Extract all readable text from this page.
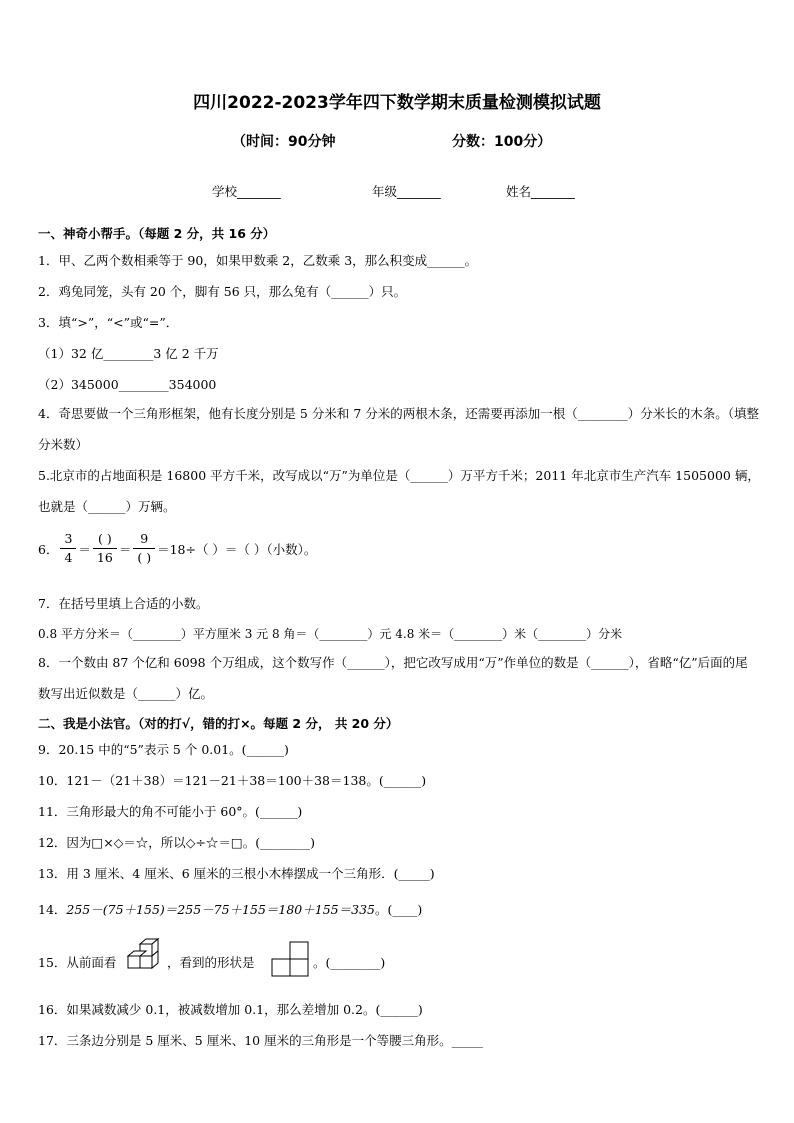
四川2022-2023学年四下数学期末质量检测模拟试题
（时间：90分钟	分数：100分）
学校_______	年级_______	姓名_______
一、神奇小帮手。（每题 2 分，共 16 分）
1．甲、乙两个数相乘等于 90，如果甲数乘 2，乙数乘 3，那么积变成______。
2．鸡兔同笼，头有 20 个，脚有 56 只，那么兔有（______）只。
3．填“>”，“<”或“=”．
（1）32 亿________3 亿 2 千万
（2）345000________354000
4．奇思要做一个三角形框架，他有长度分别是 5 分米和 7 分米的两根木条，还需要再添加一根（________）分米长的木条。（填整分米数）
5.北京市的占地面积是 16800 平方千米，改写成以“万”为单位是（______）万平方千米；2011 年北京市生产汽车 1505000 辆，也就是（______）万辆。
6． $\frac{3}{4} = \frac{( )}{16} = \frac{9}{( )} =18\div$（ ）＝（ ）（小数）。
7．在括号里填上合适的小数。
0.8 平方分米＝（________）平方厘米 3 元 8 角＝（________）元 4.8 米＝（________）米（________）分米
8．一个数由 87 个亿和 6098 个万组成，这个数写作（______），把它改写成用“万”作单位的数是（______），省略“亿”后面的尾数写出近似数是（______）亿。
二、我是小法官。（对的打√，错的打×。每题 2 分， 共 20 分）
9．20.15 中的“5”表示 5 个 0.01。(______)
10．121－（21＋38）＝121－21＋38＝100＋38＝138。(______)
11．三角形最大的角不可能小于 60°。(______)
12．因为□×◇＝☆，所以◇÷☆＝□。(________)
13．用 3 厘米、4 厘米、6 厘米的三根小木棒摆成一个三角形．(_____)
14．255－(75＋155)＝255－75＋155＝180＋155＝335。(____)
15．从前面看	，看到的形状是	。(________)
16．如果减数减少 0.1，被减数增加 0.1，那么差增加 0.2。(______)
17．三条边分别是 5 厘米、5 厘米、10 厘米的三角形是一个等腰三角形。_____
